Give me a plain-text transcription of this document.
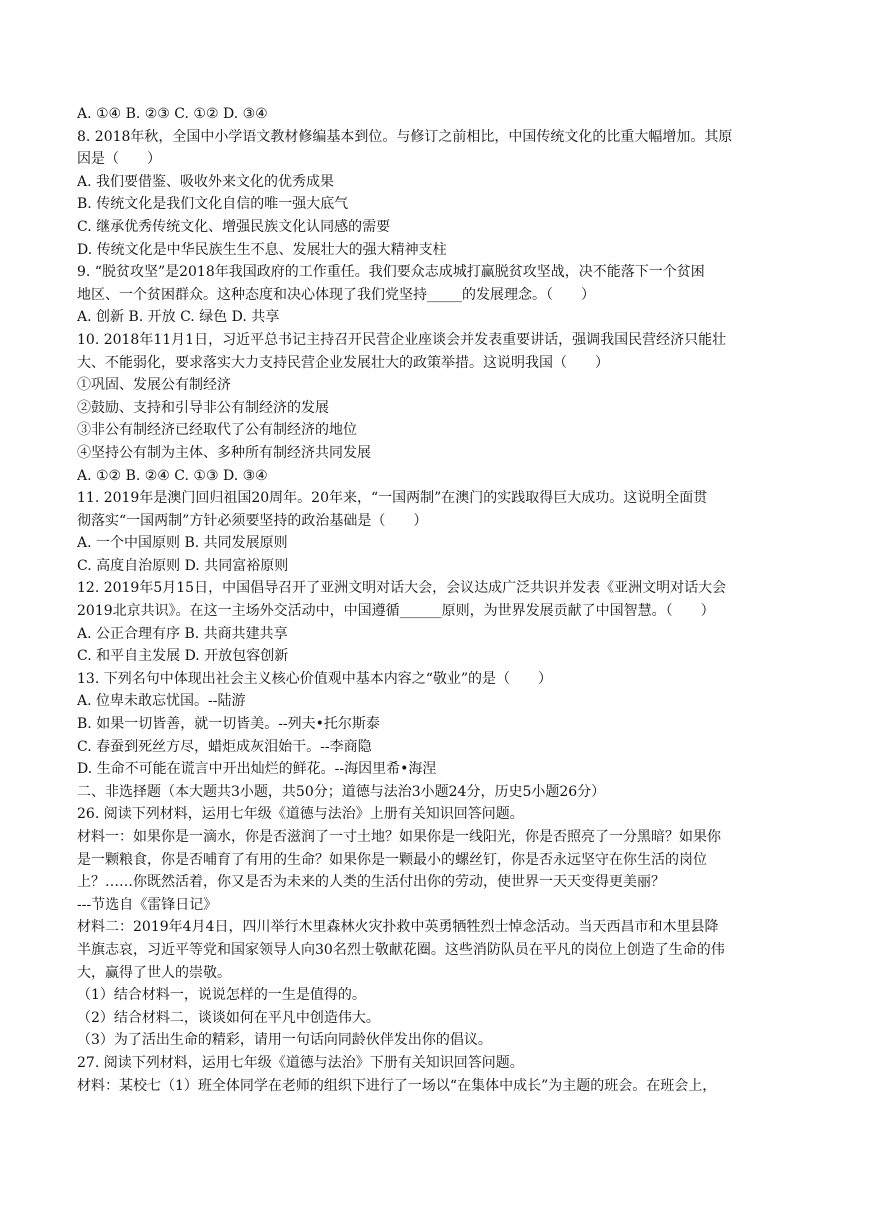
A. ①④ B. ②③ C. ①② D. ③④
8. 2018年秋，全国中小学语文教材修编基本到位。与修订之前相比，中国传统文化的比重大幅增加。其原
因是（　　）
A. 我们要借鉴、吸收外来文化的优秀成果
B. 传统文化是我们文化自信的唯一强大底气
C. 继承优秀传统文化、增强民族文化认同感的需要
D. 传统文化是中华民族生生不息、发展壮大的强大精神支柱
9. “脱贫攻坚”是2018年我国政府的工作重任。我们要众志成城打赢脱贫攻坚战，决不能落下一个贫困
地区、一个贫困群众。这种态度和决心体现了我们党坚持_____的发展理念。（　　）
A. 创新 B. 开放 C. 绿色 D. 共享
10. 2018年11月1日，习近平总书记主持召开民营企业座谈会并发表重要讲话，强调我国民营经济只能壮
大、不能弱化，要求落实大力支持民营企业发展壮大的政策举措。这说明我国（　　）
①巩固、发展公有制经济
②鼓励、支持和引导非公有制经济的发展
③非公有制经济已经取代了公有制经济的地位
④坚持公有制为主体、多种所有制经济共同发展
A. ①② B. ②④ C. ①③ D. ③④
11. 2019年是澳门回归祖国20周年。20年来，“一国两制”在澳门的实践取得巨大成功。这说明全面贯
彻落实“一国两制”方针必须要坚持的政治基础是（　　）
A. 一个中国原则 B. 共同发展原则
C. 高度自治原则 D. 共同富裕原则
12. 2019年5月15日，中国倡导召开了亚洲文明对话大会，会议达成广泛共识并发表《亚洲文明对话大会
2019北京共识》。在这一主场外交活动中，中国遵循______原则，为世界发展贡献了中国智慧。（　　）
A. 公正合理有序 B. 共商共建共享
C. 和平自主发展 D. 开放包容创新
13. 下列名句中体现出社会主义核心价值观中基本内容之“敬业”的是（　　）
A. 位卑未敢忘忧国。--陆游
B. 如果一切皆善，就一切皆美。--列夫•托尔斯泰
C. 春蚕到死丝方尽，蜡炬成灰泪始干。--李商隐
D. 生命不可能在谎言中开出灿烂的鲜花。--海因里希•海涅
二、非选择题（本大题共3小题，共50分；道德与法治3小题24分，历史5小题26分）
26. 阅读下列材料，运用七年级《道德与法治》上册有关知识回答问题。
材料一：如果你是一滴水，你是否滋润了一寸土地？如果你是一线阳光，你是否照亮了一分黑暗？如果你
是一颗粮食，你是否哺育了有用的生命？如果你是一颗最小的螺丝钉，你是否永远坚守在你生活的岗位
上？……你既然活着，你又是否为未来的人类的生活付出你的劳动，使世界一天天变得更美丽？
---节选自《雷锋日记》
材料二：2019年4月4日，四川举行木里森林火灾扑救中英勇牺牲烈士悼念活动。当天西昌市和木里县降
半旗志哀，习近平等党和国家领导人向30名烈士敬献花圈。这些消防队员在平凡的岗位上创造了生命的伟
大，赢得了世人的崇敬。
（1）结合材料一，说说怎样的一生是值得的。
（2）结合材料二，谈谈如何在平凡中创造伟大。
（3）为了活出生命的精彩，请用一句话向同龄伙伴发出你的倡议。
27. 阅读下列材料，运用七年级《道德与法治》下册有关知识回答问题。
材料：某校七（1）班全体同学在老师的组织下进行了一场以“在集体中成长”为主题的班会。在班会上，
